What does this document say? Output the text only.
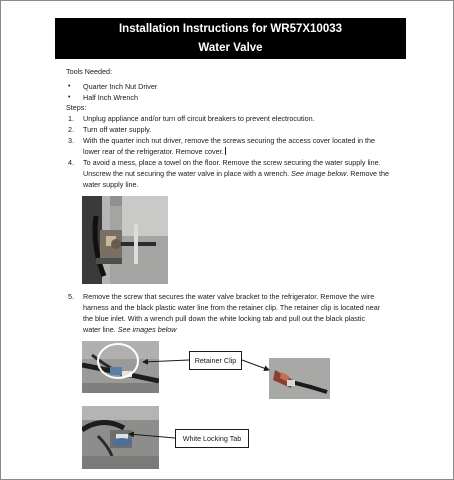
Installation Instructions for WR57X10033
Water Valve
Tools Needed:
• Quarter Inch Nut Driver
• Half Inch Wrench
Steps:
1. Unplug appliance and/or turn off circuit breakers to prevent electrocution.
2. Turn off water supply.
3. With the quarter inch nut driver, remove the screws securing the access cover located in the
lower rear of the refrigerator. Remove cover.
4. To avoid a mess, place a towel on the floor. Remove the screw securing the water supply line.
Unscrew the nut securing the water valve in place with a wrench. See image below. Remove the
water supply line.
5. Remove the screw that secures the water valve bracket to the refrigerator. Remove the wire
harness and the black plastic water line from the retainer clip. The retainer clip is located near
the blue inlet. With a wrench pull down the white locking tab and pull out the black plastic
water line. See images below
Retainer Clip
White Locking Tab
